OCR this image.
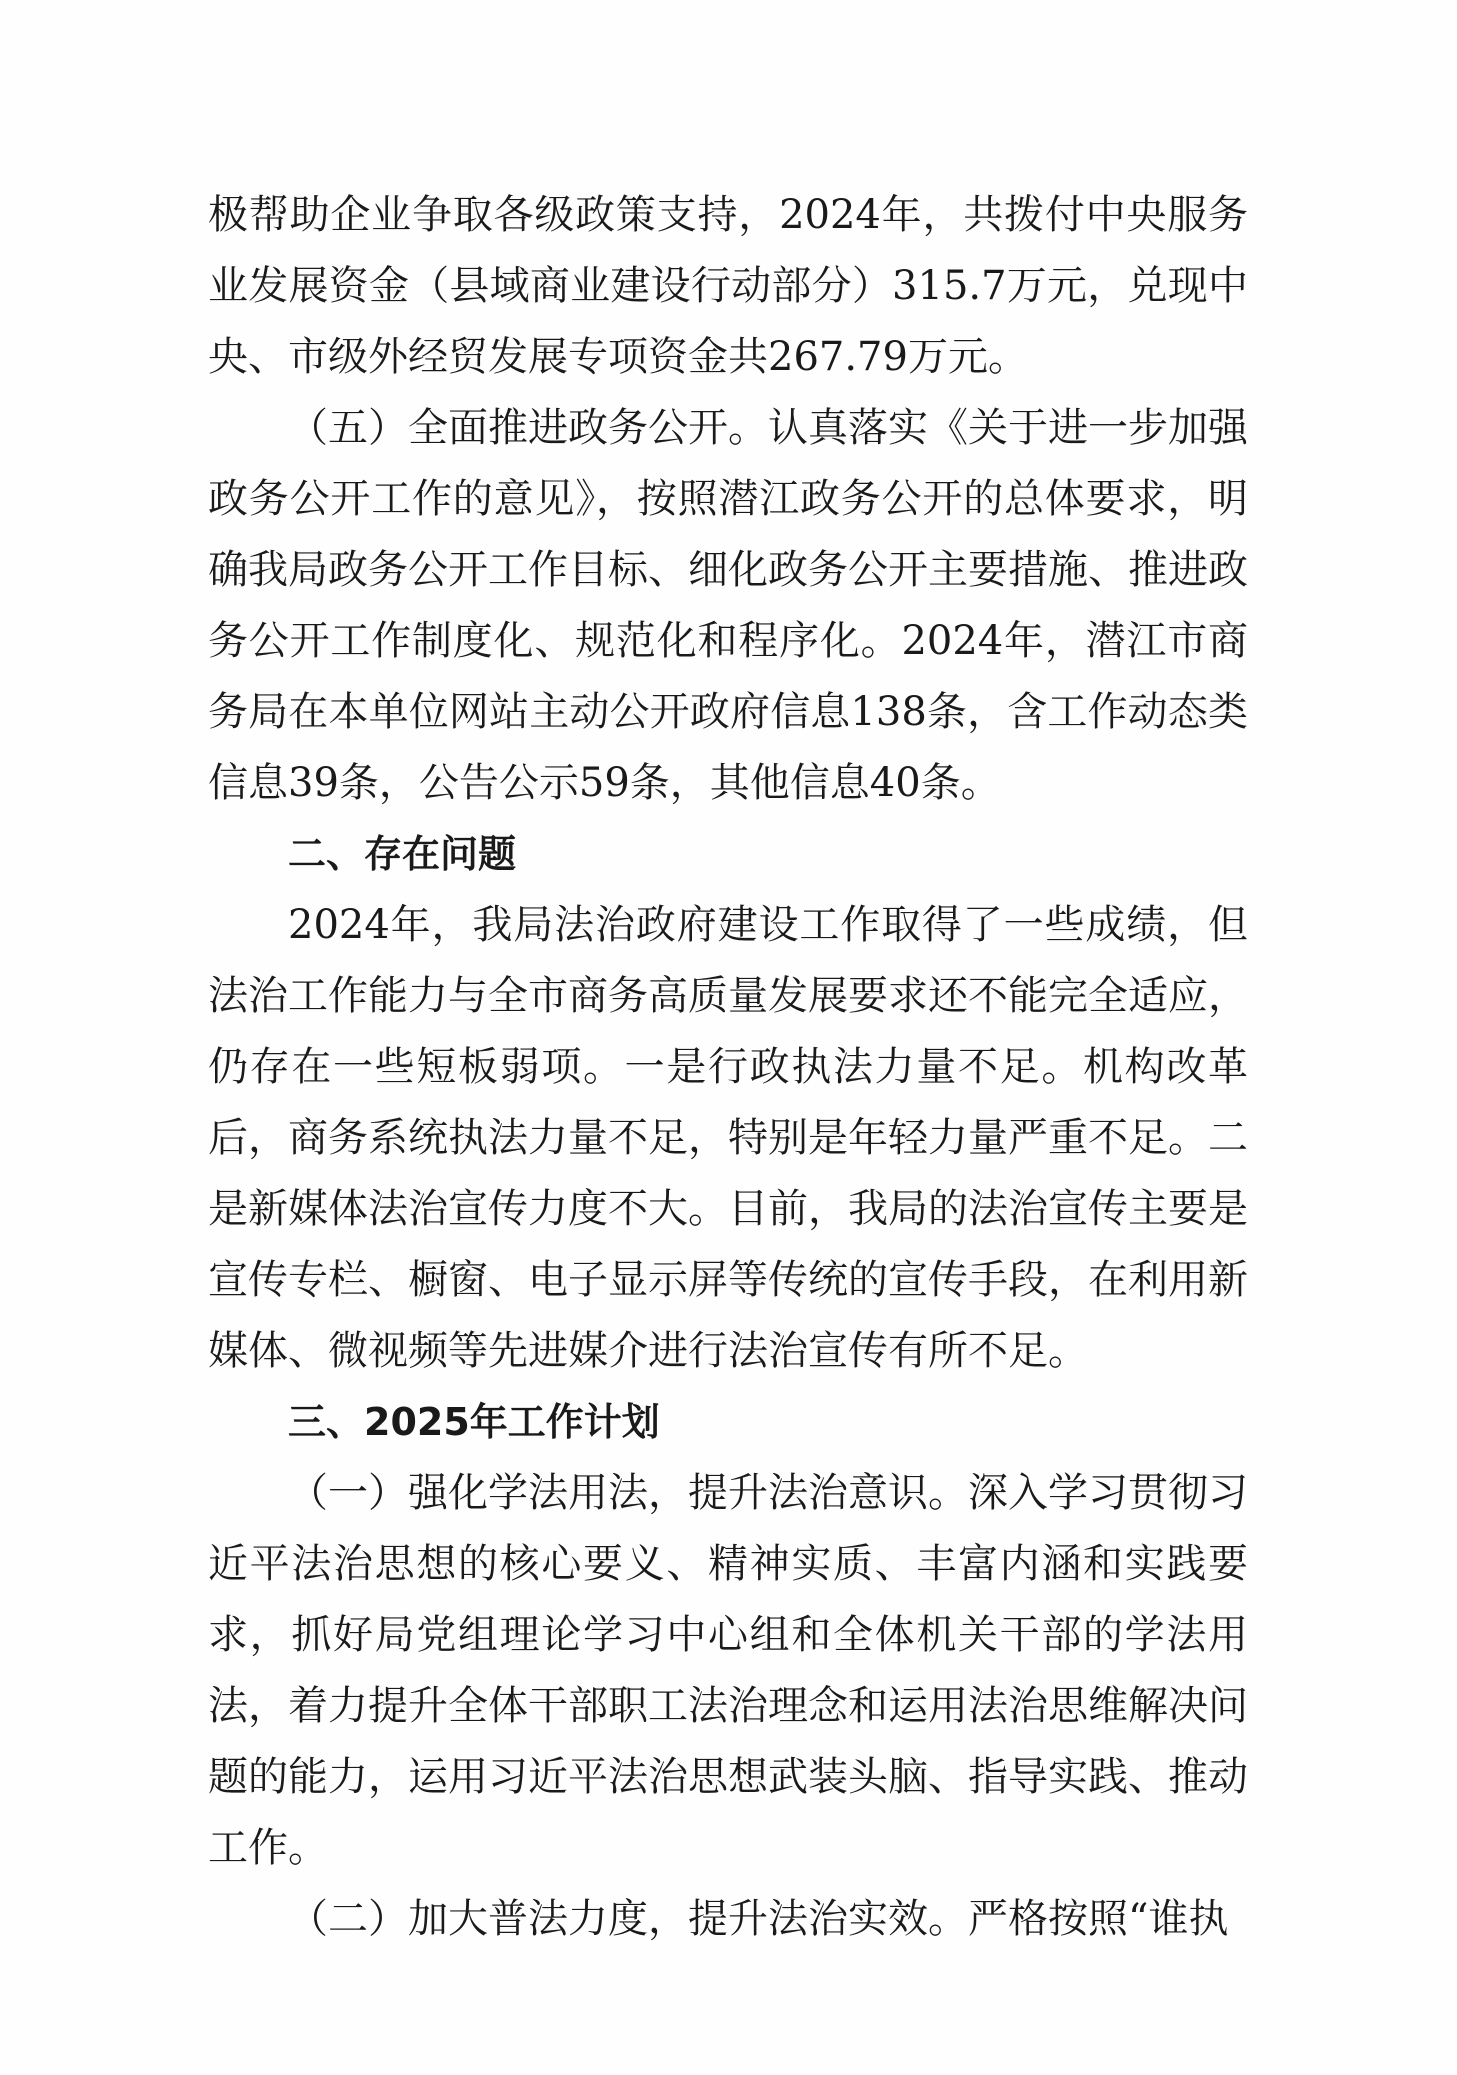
极帮助企业争取各级政策支持，2024年，共拨付中央服务业发展资金（县域商业建设行动部分）315.7万元，兑现中央、市级外经贸发展专项资金共267.79万元。

（五）全面推进政务公开。认真落实《关于进一步加强政务公开工作的意见》，按照潜江政务公开的总体要求，明确我局政务公开工作目标、细化政务公开主要措施、推进政务公开工作制度化、规范化和程序化。2024年，潜江市商务局在本单位网站主动公开政府信息138条，含工作动态类信息39条，公告公示59条，其他信息40条。

二、存在问题

2024年，我局法治政府建设工作取得了一些成绩，但法治工作能力与全市商务高质量发展要求还不能完全适应，仍存在一些短板弱项。一是行政执法力量不足。机构改革后，商务系统执法力量不足，特别是年轻力量严重不足。二是新媒体法治宣传力度不大。目前，我局的法治宣传主要是宣传专栏、橱窗、电子显示屏等传统的宣传手段，在利用新媒体、微视频等先进媒介进行法治宣传有所不足。

三、2025年工作计划

（一）强化学法用法，提升法治意识。深入学习贯彻习近平法治思想的核心要义、精神实质、丰富内涵和实践要求，抓好局党组理论学习中心组和全体机关干部的学法用法，着力提升全体干部职工法治理念和运用法治思维解决问题的能力，运用习近平法治思想武装头脑、指导实践、推动工作。

（二）加大普法力度，提升法治实效。严格按照“谁执
